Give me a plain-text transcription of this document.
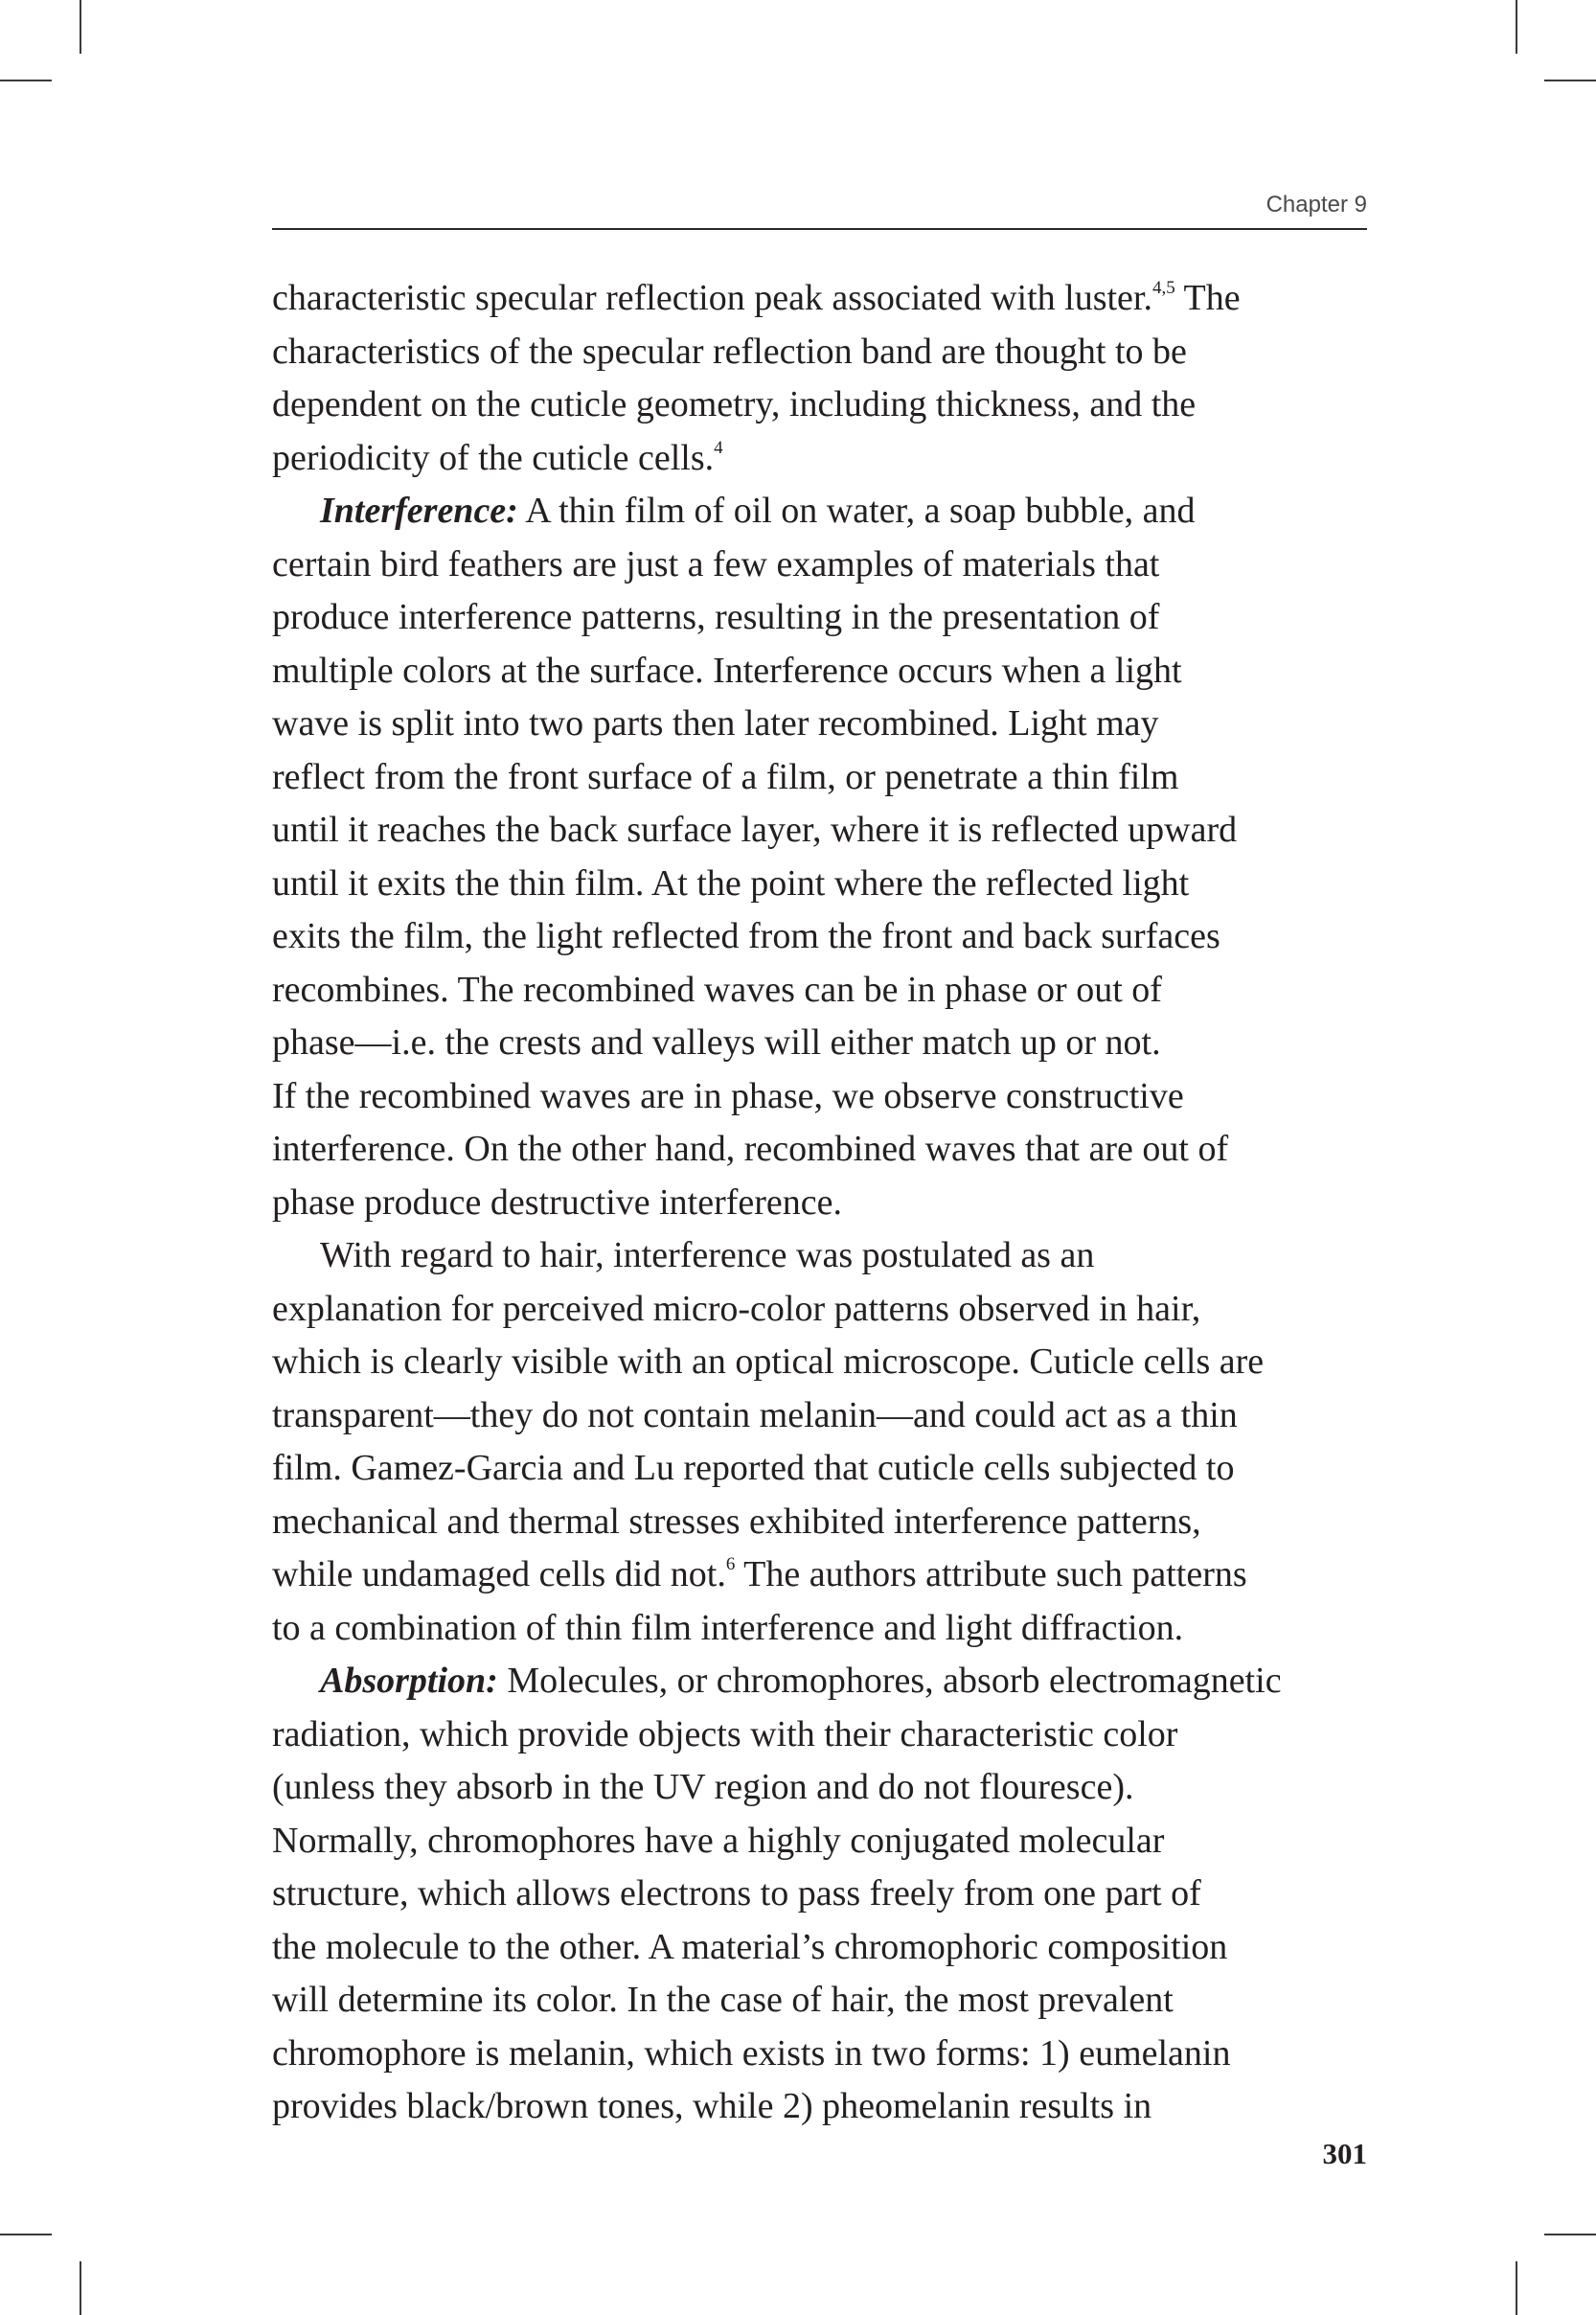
Chapter 9
characteristic specular reflection peak associated with luster.$^{4,5}$ The
characteristics of the specular reflection band are thought to be
dependent on the cuticle geometry, including thickness, and the
periodicity of the cuticle cells.$^4$
Interference: A thin film of oil on water, a soap bubble, and
certain bird feathers are just a few examples of materials that
produce interference patterns, resulting in the presentation of
multiple colors at the surface. Interference occurs when a light
wave is split into two parts then later recombined. Light may
reflect from the front surface of a film, or penetrate a thin film
until it reaches the back surface layer, where it is reflected upward
until it exits the thin film. At the point where the reflected light
exits the film, the light reflected from the front and back surfaces
recombines. The recombined waves can be in phase or out of
phase—i.e. the crests and valleys will either match up or not.
If the recombined waves are in phase, we observe constructive
interference. On the other hand, recombined waves that are out of
phase produce destructive interference.
With regard to hair, interference was postulated as an
explanation for perceived micro-color patterns observed in hair,
which is clearly visible with an optical microscope. Cuticle cells are
transparent—they do not contain melanin—and could act as a thin
film. Gamez-Garcia and Lu reported that cuticle cells subjected to
mechanical and thermal stresses exhibited interference patterns,
while undamaged cells did not.$^6$ The authors attribute such patterns
to a combination of thin film interference and light diffraction.
Absorption: Molecules, or chromophores, absorb electromagnetic
radiation, which provide objects with their characteristic color
(unless they absorb in the UV region and do not flouresce).
Normally, chromophores have a highly conjugated molecular
structure, which allows electrons to pass freely from one part of
the molecule to the other. A material’s chromophoric composition
will determine its color. In the case of hair, the most prevalent
chromophore is melanin, which exists in two forms: 1) eumelanin
provides black/brown tones, while 2) pheomelanin results in
301
